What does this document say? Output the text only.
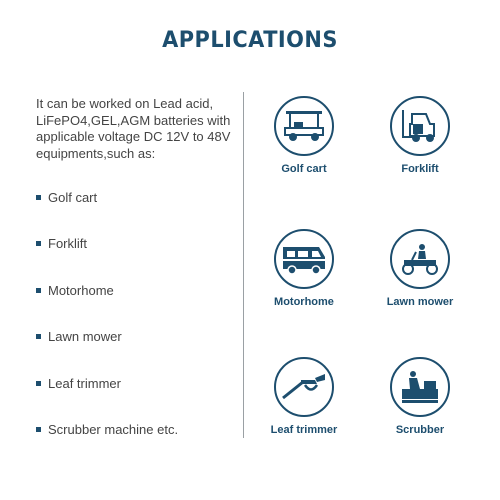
APPLICATIONS
It can be worked on Lead acid, LiFePO4,GEL,AGM batteries with applicable voltage DC 12V to 48V equipments,such as:
Golf cart
Forklift
Motorhome
Lawn mower
Leaf trimmer
Scrubber machine etc.
Golf cart	Forklift
Motorhome	Lawn mower
Leaf trimmer	Scrubber
